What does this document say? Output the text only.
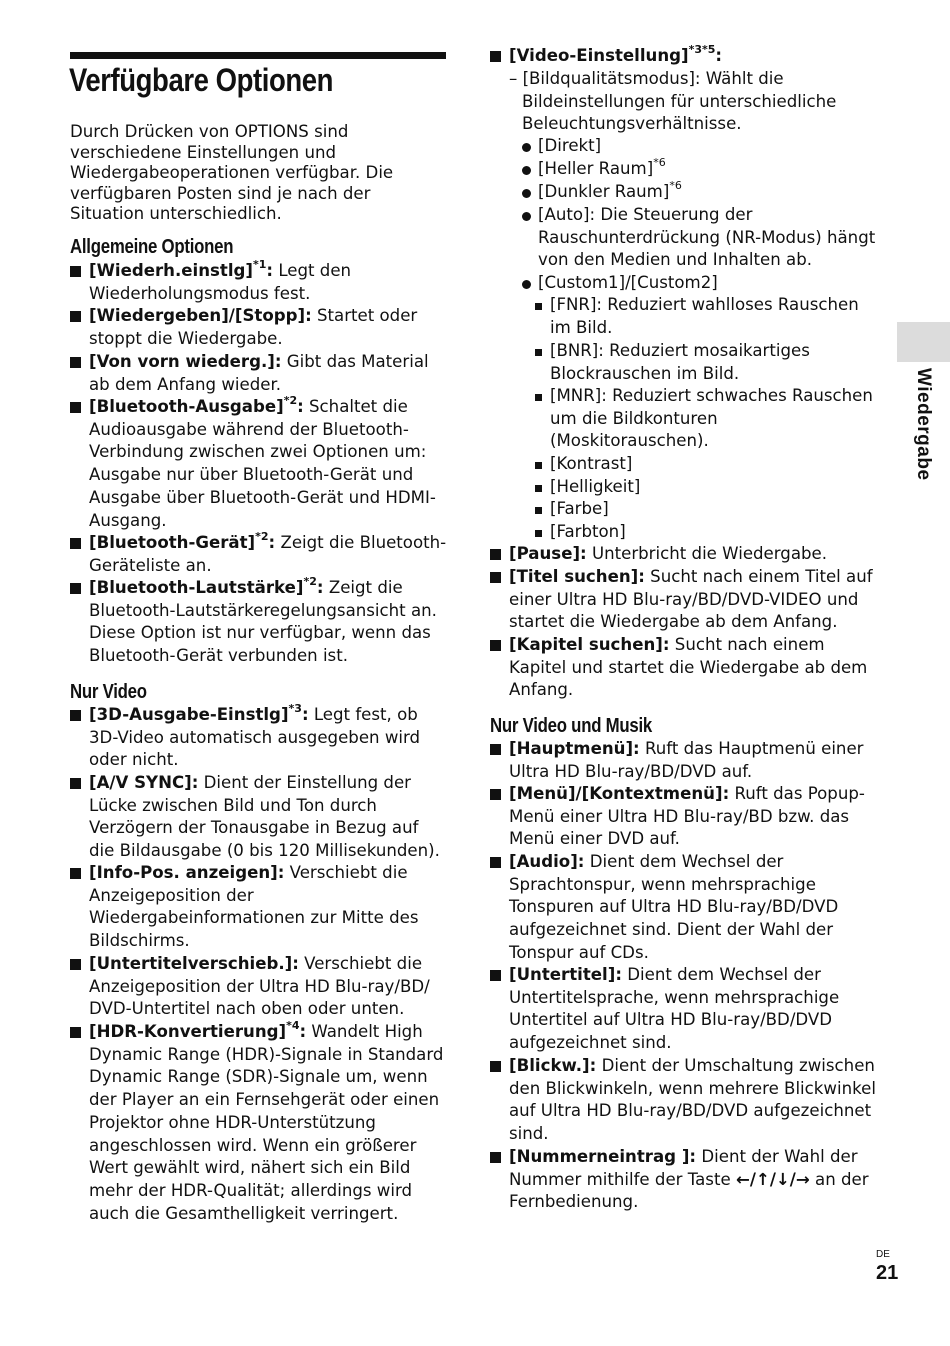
Verfügbare Optionen
Durch Drücken von OPTIONS sind verschiedene Einstellungen und Wiedergabeoperationen verfügbar. Die verfügbaren Posten sind je nach der Situation unterschiedlich.
Allgemeine Optionen
[Wiederh.einstlg]$^{*1}$: Legt den Wiederholungsmodus fest.
[Wiedergeben]/[Stopp]: Startet oder stoppt die Wiedergabe.
[Von vorn wiederg.]: Gibt das Material ab dem Anfang wieder.
[Bluetooth-Ausgabe]$^{*2}$: Schaltet die Audioausgabe während der Bluetooth-Verbindung zwischen zwei Optionen um: Ausgabe nur über Bluetooth-Gerät und Ausgabe über Bluetooth-Gerät und HDMI-Ausgang.
[Bluetooth-Gerät]$^{*2}$: Zeigt die Bluetooth-Geräteliste an.
[Bluetooth-Lautstärke]$^{*2}$: Zeigt die Bluetooth-Lautstärkeregelungsansicht an. Diese Option ist nur verfügbar, wenn das Bluetooth-Gerät verbunden ist.
Nur Video
[3D-Ausgabe-Einstlg]$^{*3}$: Legt fest, ob 3D-Video automatisch ausgegeben wird oder nicht.
[A/V SYNC]: Dient der Einstellung der Lücke zwischen Bild und Ton durch Verzögern der Tonausgabe in Bezug auf die Bildausgabe (0 bis 120 Millisekunden).
[Info-Pos. anzeigen]: Verschiebt die Anzeigeposition der Wiedergabeinformationen zur Mitte des Bildschirms.
[Untertitelverschieb.]: Verschiebt die Anzeigeposition der Ultra HD Blu-ray/BD/ DVD-Untertitel nach oben oder unten.
[HDR-Konvertierung]$^{*4}$: Wandelt High Dynamic Range (HDR)-Signale in Standard Dynamic Range (SDR)-Signale um, wenn der Player an ein Fernsehgerät oder einen Projektor ohne HDR-Unterstützung angeschlossen wird. Wenn ein größerer Wert gewählt wird, nähert sich ein Bild mehr der HDR-Qualität; allerdings wird auch die Gesamthelligkeit verringert.
[Video-Einstellung]$^{*3*5}$:
– [Bildqualitätsmodus]: Wählt die Bildeinstellungen für unterschiedliche Beleuchtungsverhältnisse.
[Direkt]
[Heller Raum]$^{*6}$
[Dunkler Raum]$^{*6}$
[Auto]: Die Steuerung der Rauschunterdrückung (NR-Modus) hängt von den Medien und Inhalten ab.
[Custom1]/[Custom2]
[FNR]: Reduziert wahlloses Rauschen im Bild.
[BNR]: Reduziert mosaikartiges Blockrauschen im Bild.
[MNR]: Reduziert schwaches Rauschen um die Bildkonturen (Moskitorauschen).
[Kontrast]
[Helligkeit]
[Farbe]
[Farbton]
[Pause]: Unterbricht die Wiedergabe.
[Titel suchen]: Sucht nach einem Titel auf einer Ultra HD Blu-ray/BD/DVD-VIDEO und startet die Wiedergabe ab dem Anfang.
[Kapitel suchen]: Sucht nach einem Kapitel und startet die Wiedergabe ab dem Anfang.
Nur Video und Musik
[Hauptmenü]: Ruft das Hauptmenü einer Ultra HD Blu-ray/BD/DVD auf.
[Menü]/[Kontextmenü]: Ruft das Popup-Menü einer Ultra HD Blu-ray/BD bzw. das Menü einer DVD auf.
[Audio]: Dient dem Wechsel der Sprachtonspur, wenn mehrsprachige Tonspuren auf Ultra HD Blu-ray/BD/DVD aufgezeichnet sind. Dient der Wahl der Tonspur auf CDs.
[Untertitel]: Dient dem Wechsel der Untertitelsprache, wenn mehrsprachige Untertitel auf Ultra HD Blu-ray/BD/DVD aufgezeichnet sind.
[Blickw.]: Dient der Umschaltung zwischen den Blickwinkeln, wenn mehrere Blickwinkel auf Ultra HD Blu-ray/BD/DVD aufgezeichnet sind.
[Nummerneintrag ]: Dient der Wahl der Nummer mithilfe der Taste ←/↑/↓/→ an der Fernbedienung.
Wiedergabe
DE
21
